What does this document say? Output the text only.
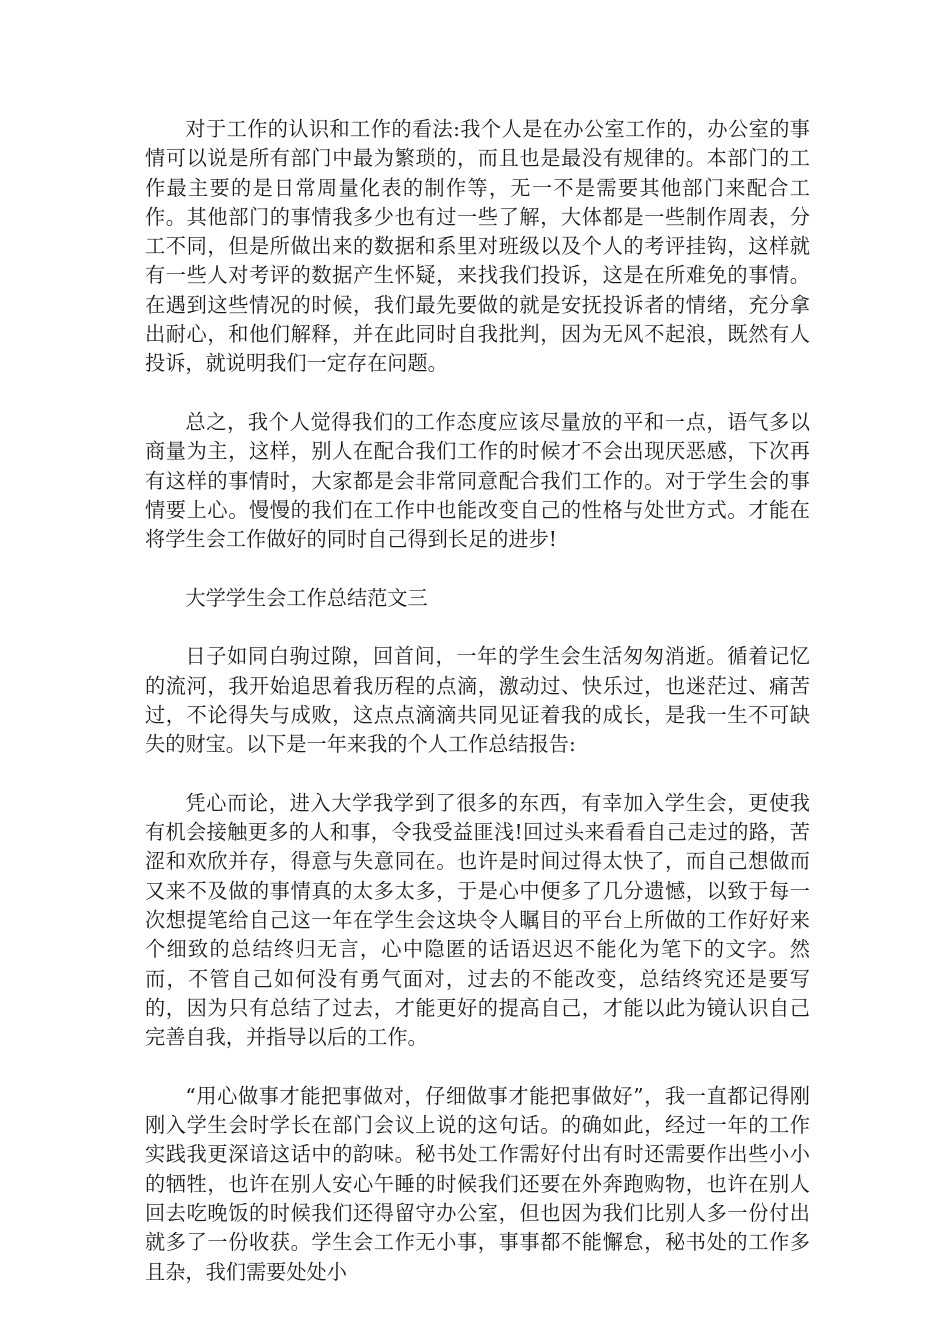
对于工作的认识和工作的看法:我个人是在办公室工作的，办公室的事情可以说是所有部门中最为繁琐的，而且也是最没有规律的。本部门的工作最主要的是日常周量化表的制作等，无一不是需要其他部门来配合工作。其他部门的事情我多少也有过一些了解，大体都是一些制作周表，分工不同，但是所做出来的数据和系里对班级以及个人的考评挂钩，这样就有一些人对考评的数据产生怀疑，来找我们投诉，这是在所难免的事情。在遇到这些情况的时候，我们最先要做的就是安抚投诉者的情绪，充分拿出耐心，和他们解释，并在此同时自我批判，因为无风不起浪，既然有人投诉，就说明我们一定存在问题。

总之，我个人觉得我们的工作态度应该尽量放的平和一点，语气多以商量为主，这样，别人在配合我们工作的时候才不会出现厌恶感，下次再有这样的事情时，大家都是会非常同意配合我们工作的。对于学生会的事情要上心。慢慢的我们在工作中也能改变自己的性格与处世方式。才能在将学生会工作做好的同时自己得到长足的进步!

大学学生会工作总结范文三

日子如同白驹过隙，回首间，一年的学生会生活匆匆消逝。循着记忆的流河，我开始追思着我历程的点滴，激动过、快乐过，也迷茫过、痛苦过，不论得失与成败，这点点滴滴共同见证着我的成长，是我一生不可缺失的财宝。以下是一年来我的个人工作总结报告:

凭心而论，进入大学我学到了很多的东西，有幸加入学生会，更使我有机会接触更多的人和事，令我受益匪浅!回过头来看看自己走过的路，苦涩和欢欣并存，得意与失意同在。也许是时间过得太快了，而自己想做而又来不及做的事情真的太多太多，于是心中便多了几分遗憾，以致于每一次想提笔给自己这一年在学生会这块令人瞩目的平台上所做的工作好好来个细致的总结终归无言，心中隐匿的话语迟迟不能化为笔下的文字。然而，不管自己如何没有勇气面对，过去的不能改变，总结终究还是要写的，因为只有总结了过去，才能更好的提高自己，才能以此为镜认识自己完善自我，并指导以后的工作。

“用心做事才能把事做对，仔细做事才能把事做好”，我一直都记得刚刚入学生会时学长在部门会议上说的这句话。的确如此，经过一年的工作实践我更深谙这话中的韵味。秘书处工作需好付出有时还需要作出些小小的牺牲，也许在别人安心午睡的时候我们还要在外奔跑购物，也许在别人回去吃晚饭的时候我们还得留守办公室，但也因为我们比别人多一份付出就多了一份收获。学生会工作无小事，事事都不能懈怠，秘书处的工作多且杂，我们需要处处小
